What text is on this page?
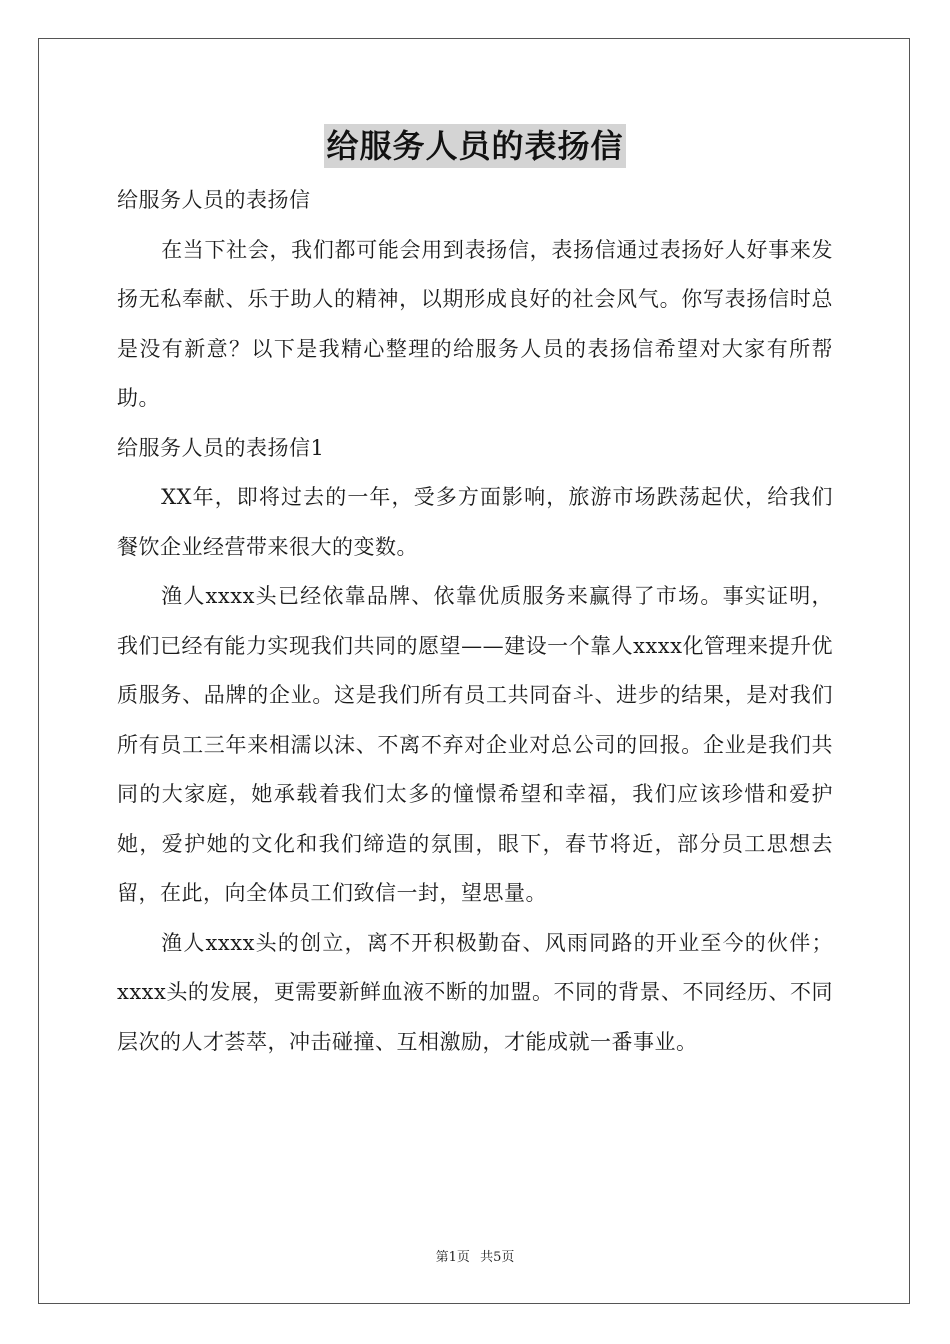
给服务人员的表扬信

给服务人员的表扬信

在当下社会，我们都可能会用到表扬信，表扬信通过表扬好人好事来发扬无私奉献、乐于助人的精神，以期形成良好的社会风气。你写表扬信时总是没有新意？以下是我精心整理的给服务人员的表扬信希望对大家有所帮助。

给服务人员的表扬信1

XX年，即将过去的一年，受多方面影响，旅游市场跌荡起伏，给我们餐饮企业经营带来很大的变数。

渔人xxxx头已经依靠品牌、依靠优质服务来赢得了市场。事实证明，我们已经有能力实现我们共同的愿望——建设一个靠人xxxx化管理来提升优质服务、品牌的企业。这是我们所有员工共同奋斗、进步的结果，是对我们所有员工三年来相濡以沫、不离不弃对企业对总公司的回报。企业是我们共同的大家庭，她承载着我们太多的憧憬希望和幸福，我们应该珍惜和爱护她，爱护她的文化和我们缔造的氛围，眼下，春节将近，部分员工思想去留，在此，向全体员工们致信一封，望思量。

渔人xxxx头的创立，离不开积极勤奋、风雨同路的开业至今的伙伴；xxxx头的发展，更需要新鲜血液不断的加盟。不同的背景、不同经历、不同层次的人才荟萃，冲击碰撞、互相激励，才能成就一番事业。

第1页 共5页
